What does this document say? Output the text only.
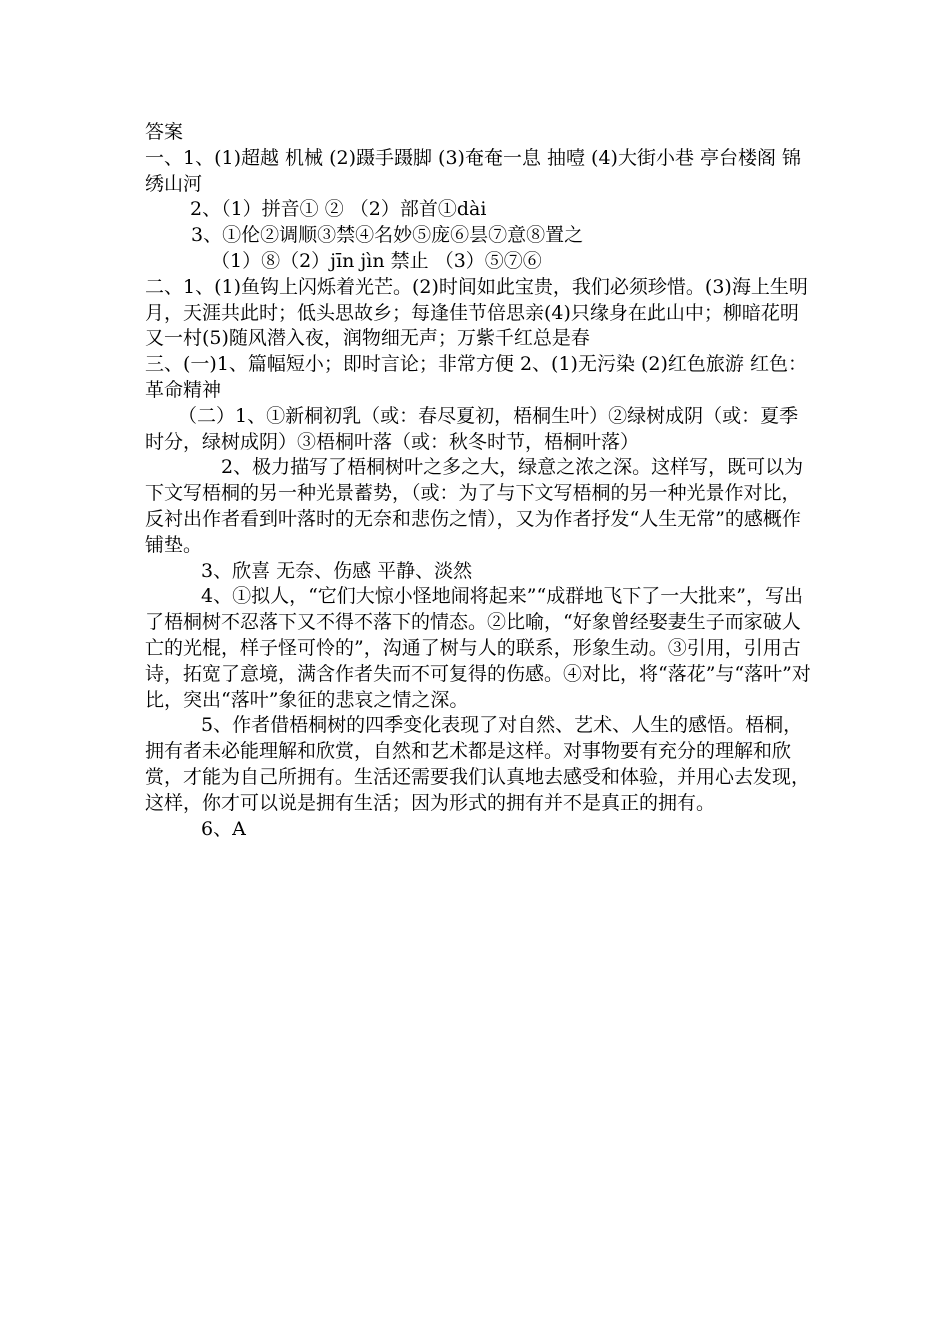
答案

一、1、(1)超越 机械 (2)蹑手蹑脚 (3)奄奄一息 抽噎 (4)大街小巷 亭台楼阁 锦绣山河

2、（1）拼音① ② （2）部首①dài

3、①伦②调顺③禁④名妙⑤庞⑥昙⑦意⑧置之

（1）⑧（2）jīn jìn 禁止 （3）⑤⑦⑥

二、1、(1)鱼钩上闪烁着光芒。(2)时间如此宝贵，我们必须珍惜。(3)海上生明月，天涯共此时；低头思故乡；每逢佳节倍思亲(4)只缘身在此山中；柳暗花明又一村(5)随风潜入夜，润物细无声；万紫千红总是春

三、(一)1、篇幅短小；即时言论；非常方便 2、(1)无污染 (2)红色旅游 红色：革命精神

（二）1、①新桐初乳（或：春尽夏初，梧桐生叶）②绿树成阴（或：夏季时分，绿树成阴）③梧桐叶落（或：秋冬时节，梧桐叶落）

2、极力描写了梧桐树叶之多之大，绿意之浓之深。这样写，既可以为下文写梧桐的另一种光景蓄势，（或：为了与下文写梧桐的另一种光景作对比，反衬出作者看到叶落时的无奈和悲伤之情），又为作者抒发“人生无常”的感概作铺垫。

3、欣喜 无奈、伤感 平静、淡然

4、①拟人，“它们大惊小怪地闹将起来”“成群地飞下了一大批来”，写出了梧桐树不忍落下又不得不落下的情态。②比喻，“好象曾经娶妻生子而家破人亡的光棍，样子怪可怜的”，沟通了树与人的联系，形象生动。③引用，引用古诗，拓宽了意境，满含作者失而不可复得的伤感。④对比，将“落花”与“落叶”对比，突出“落叶”象征的悲哀之情之深。

5、作者借梧桐树的四季变化表现了对自然、艺术、人生的感悟。梧桐，拥有者未必能理解和欣赏，自然和艺术都是这样。对事物要有充分的理解和欣赏，才能为自己所拥有。生活还需要我们认真地去感受和体验，并用心去发现，这样，你才可以说是拥有生活；因为形式的拥有并不是真正的拥有。

6、A
